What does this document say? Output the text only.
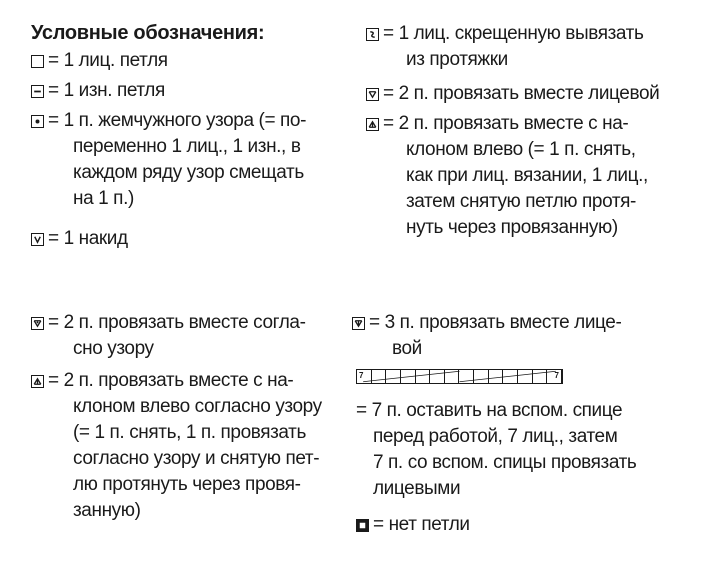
Условные обозначения:
= 1 лиц. петля
= 1 изн. петля
= 1 п. жемчужного узора (= по-
переменно 1 лиц., 1 изн., в
каждом ряду узор смещать
на 1 п.)
= 1 накид
= 1 лиц. скрещенную вывязать
из протяжки
= 2 п. провязать вместе лицевой
= 2 п. провязать вместе с на-
клоном влево (= 1 п. снять,
как при лиц. вязании, 1 лиц.,
затем снятую петлю протя-
нуть через провязанную)
= 2 п. провязать вместе согла-
сно узору
= 2 п. провязать вместе с на-
клоном влево согласно узору
(= 1 п. снять, 1 п. провязать
согласно узору и снятую пет-
лю протянуть через провя-
занную)
= 3 п. провязать вместе лице-
вой
7	7
= 7 п. оставить на вспом. спице
перед работой, 7 лиц., затем
7 п. со вспом. спицы провязать
лицевыми
= нет петли
